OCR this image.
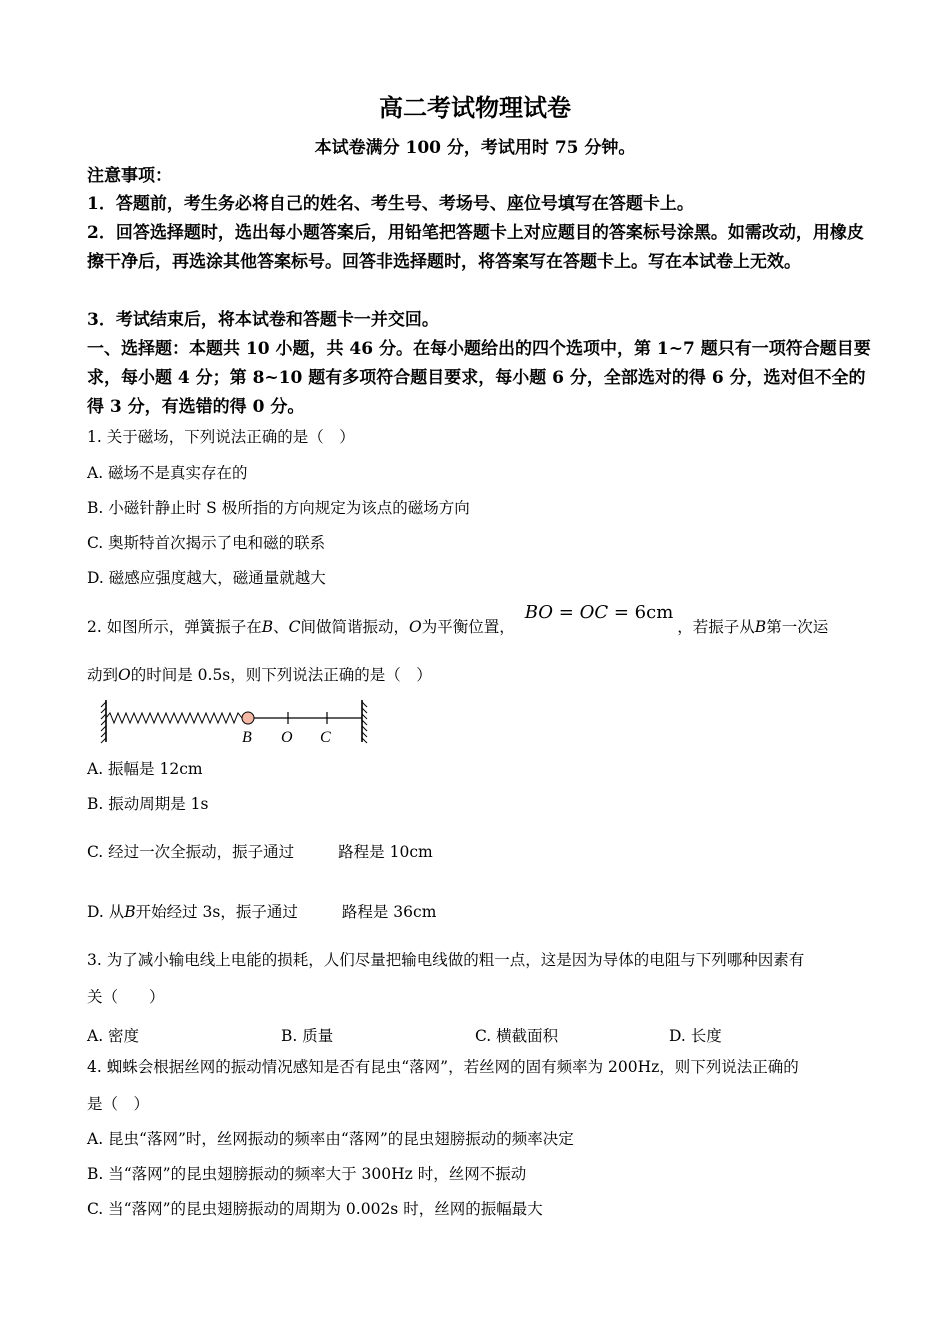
高二考试物理试卷
本试卷满分 100 分，考试用时 75 分钟。
注意事项：
1．答题前，考生务必将自己的姓名、考生号、考场号、座位号填写在答题卡上。
2．回答选择题时，选出每小题答案后，用铅笔把答题卡上对应题目的答案标号涂黑。如需改动，用橡皮擦干净后，再选涂其他答案标号。回答非选择题时，将答案写在答题卡上。写在本试卷上无效。
3．考试结束后，将本试卷和答题卡一并交回。
一、选择题：本题共 10 小题，共 46 分。在每小题给出的四个选项中，第 1~7 题只有一项符合题目要求，每小题 4 分；第 8~10 题有多项符合题目要求，每小题 6 分，全部选对的得 6 分，选对但不全的得 3 分，有选错的得 0 分。
1. 关于磁场，下列说法正确的是（　）
A. 磁场不是真实存在的
B. 小磁针静止时 S 极所指的方向规定为该点的磁场方向
C. 奥斯特首次揭示了电和磁的联系
D. 磁感应强度越大，磁通量就越大
2. 如图所示，弹簧振子在B、C间做简谐振动，O为平衡位置，BO = OC = 6cm，若振子从B第一次运
动到O的时间是 0.5s，则下列说法正确的是（　）
B O C
A. 振幅是 12cm
B. 振动周期是 1s
C. 经过一次全振动，振子通过	路程是 10cm
D. 从B开始经过 3s，振子通过	路程是 36cm
3. 为了减小输电线上电能的损耗，人们尽量把输电线做的粗一点，这是因为导体的电阻与下列哪种因素有
关（　　）
A. 密度	B. 质量	C. 横截面积	D. 长度
4. 蜘蛛会根据丝网的振动情况感知是否有昆虫“落网”，若丝网的固有频率为 200Hz，则下列说法正确的
是（　）
A. 昆虫“落网”时，丝网振动的频率由“落网”的昆虫翅膀振动的频率决定
B. 当“落网”的昆虫翅膀振动的频率大于 300Hz 时，丝网不振动
C. 当“落网”的昆虫翅膀振动的周期为 0.002s 时，丝网的振幅最大
